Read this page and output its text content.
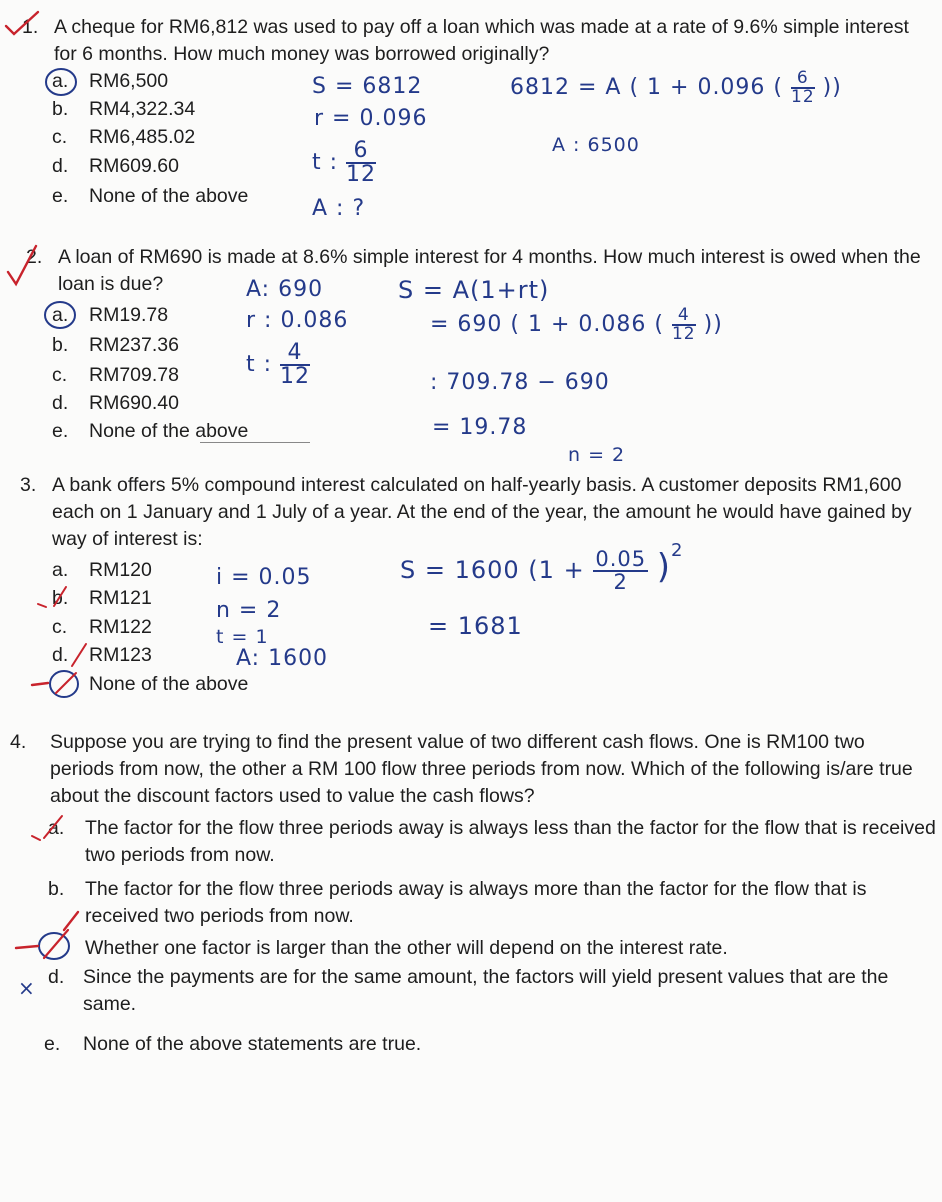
1. A cheque for RM6,812 was used to pay off a loan which was made at a rate of 9.6% simple interest for 6 months. How much money was borrowed originally?
a. RM6,500
b. RM4,322.34
c. RM6,485.02
d. RM609.60
e. None of the above
S = 6812
r = 0.096
t : $\frac{6}{12}$
A : ?
6812 = A ( 1 + 0.096 ( $\frac{6}{12}$ ))
A : 6500
2. A loan of RM690 is made at 8.6% simple interest for 4 months. How much interest is owed when the loan is due?
a. RM19.78
b. RM237.36
c. RM709.78
d. RM690.40
e. None of the above
A: 690
r : 0.086
t : $\frac{4}{12}$
S = A(1+rt)
= 690 ( 1 + 0.086 ( $\frac{4}{12}$ ))
: 709.78 − 690
= 19.78
n = 2
3. A bank offers 5% compound interest calculated on half-yearly basis. A customer deposits RM1,600 each on 1 January and 1 July of a year. At the end of the year, the amount he would have gained by way of interest is:
a. RM120
b. RM121
c. RM122
d. RM123
None of the above
i = 0.05
n = 2
t = 1
A: 1600
S = 1600 $(1 + \frac{0.05}{2} )^2$
= 1681
4. Suppose you are trying to find the present value of two different cash flows. One is RM100 two periods from now, the other a RM 100 flow three periods from now. Which of the following is/are true about the discount factors used to value the cash flows?
a.	The factor for the flow three periods away is always less than the factor for the flow that is received two periods from now.
b.	The factor for the flow three periods away is always more than the factor for the flow that is received two periods from now.
Whether one factor is larger than the other will depend on the interest rate.
d. Since the payments are for the same amount, the factors will yield present values that are the same.
e.	None of the above statements are true.
×
